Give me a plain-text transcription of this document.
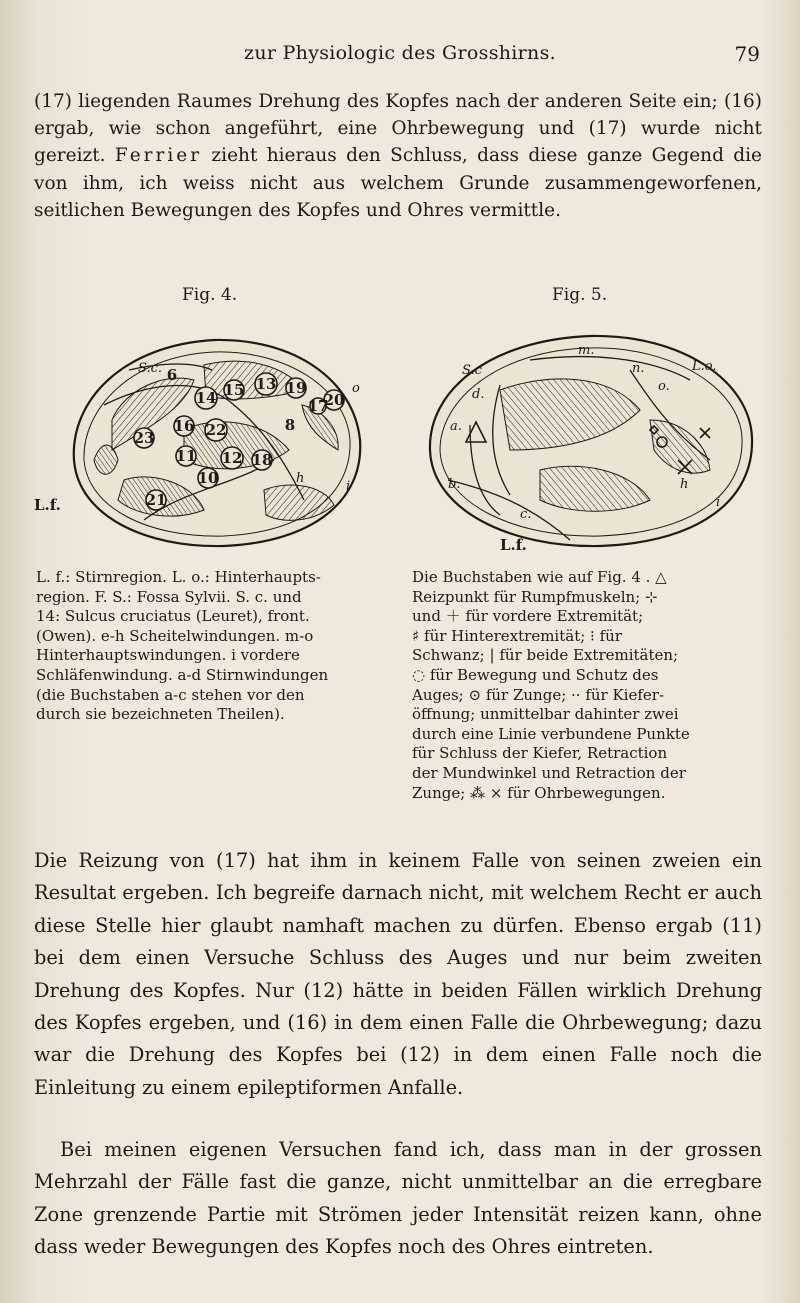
zur Physiologic des Grosshirns.	79

(17) liegenden Raumes Drehung des Kopfes nach der anderen Seite ein; (16) ergab, wie schon angeführt, eine Ohrbewegung und (17) wurde nicht gereizt. Ferrier zieht hieraus den Schluss, dass diese ganze Gegend die von ihm, ich weiss nicht aus welchem Grunde zusammengeworfenen, seitlichen Bewegungen des Kopfes und Ohres vermittle.

Fig. 4.	Fig. 5.
14 15 13 19
16 22
23
11 12 18
10
21
20
17
8
6
S.c.
L.f.
o
h
i
S.c
m.
n.
o.
L.o.
d.
a.
b.
c.
h
i
L.f.
L. f.: Stirnregion. L. o.: Hinterhaupts-
region. F. S.: Fossa Sylvii. S. c. und
14: Sulcus cruciatus (Leuret), front.
(Owen). e-h Scheitelwindungen. m-o
Hinterhauptswindungen. i vordere
Schläfenwindung. a-d Stirnwindungen
(die Buchstaben a-c stehen vor den
durch sie bezeichneten Theilen).
Die Buchstaben wie auf Fig. 4 . △
Reizpunkt für Rumpfmuskeln; ⊹
und ＋ für vordere Extremität;
♯ für Hinterextremität; ⁝ für
Schwanz; | für beide Extremitäten;
◌ für Bewegung und Schutz des
Auges; ⊙ für Zunge; ·· für Kiefer-
öffnung; unmittelbar dahinter zwei
durch eine Linie verbundene Punkte
für Schluss der Kiefer, Retraction
der Mundwinkel und Retraction der
Zunge; ⁂ × für Ohrbewegungen.

Die Reizung von (17) hat ihm in keinem Falle von seinen zweien ein Resultat ergeben. Ich begreife darnach nicht, mit welchem Recht er auch diese Stelle hier glaubt namhaft machen zu dürfen. Ebenso ergab (11) bei dem einen Versuche Schluss des Auges und nur beim zweiten Drehung des Kopfes. Nur (12) hätte in beiden Fällen wirklich Drehung des Kopfes ergeben, und (16) in dem einen Falle die Ohrbewegung; dazu war die Drehung des Kopfes bei (12) in dem einen Falle noch die Einleitung zu einem epileptiformen Anfalle.

Bei meinen eigenen Versuchen fand ich, dass man in der grossen Mehrzahl der Fälle fast die ganze, nicht unmittelbar an die erregbare Zone grenzende Partie mit Strömen jeder Intensität reizen kann, ohne dass weder Bewegungen des Kopfes noch des Ohres eintreten.
